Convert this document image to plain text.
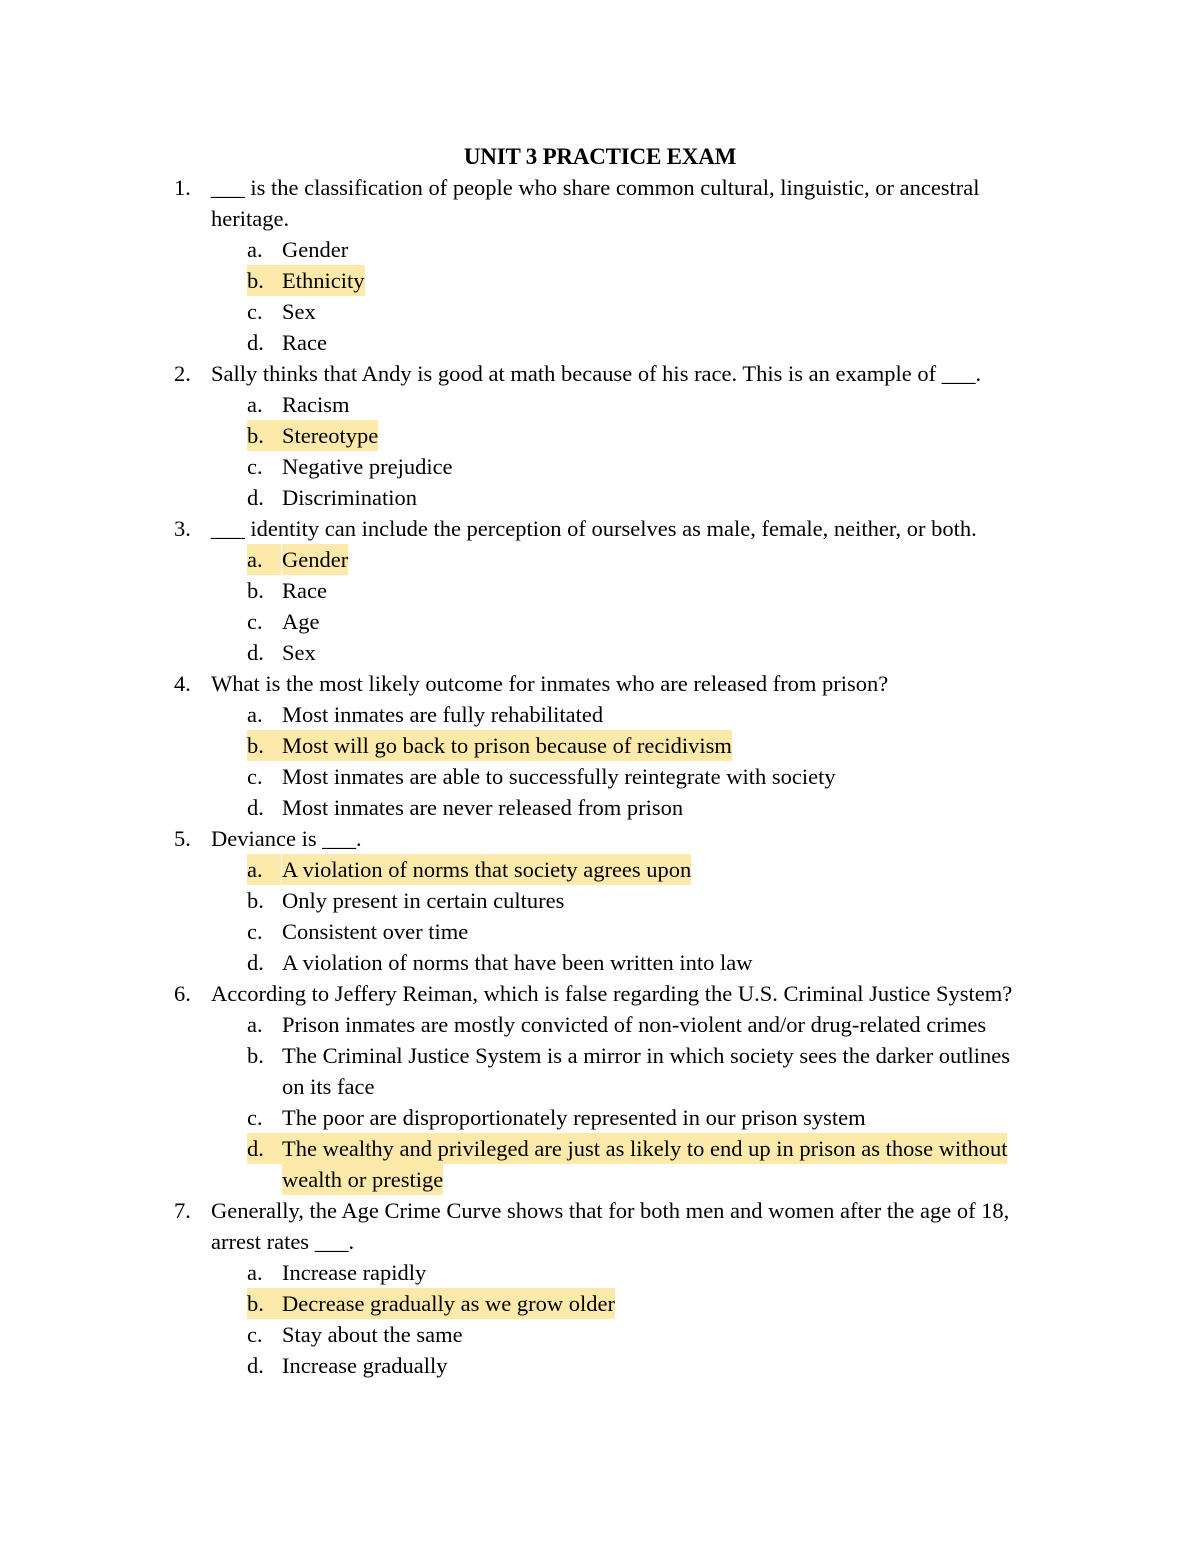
UNIT 3 PRACTICE EXAM
1. ___ is the classification of people who share common cultural, linguistic, or ancestral
heritage.
a. Gender
b. Ethnicity
c. Sex
d. Race
2. Sally thinks that Andy is good at math because of his race. This is an example of ___.
a. Racism
b. Stereotype
c. Negative prejudice
d. Discrimination
3. ___ identity can include the perception of ourselves as male, female, neither, or both.
a. Gender
b. Race
c. Age
d. Sex
4. What is the most likely outcome for inmates who are released from prison?
a. Most inmates are fully rehabilitated
b. Most will go back to prison because of recidivism
c. Most inmates are able to successfully reintegrate with society
d. Most inmates are never released from prison
5. Deviance is ___.
a. A violation of norms that society agrees upon
b. Only present in certain cultures
c. Consistent over time
d. A violation of norms that have been written into law
6. According to Jeffery Reiman, which is false regarding the U.S. Criminal Justice System?
a. Prison inmates are mostly convicted of non-violent and/or drug-related crimes
b. The Criminal Justice System is a mirror in which society sees the darker outlines
on its face
c. The poor are disproportionately represented in our prison system
d. The wealthy and privileged are just as likely to end up in prison as those without
wealth or prestige
7. Generally, the Age Crime Curve shows that for both men and women after the age of 18,
arrest rates ___.
a. Increase rapidly
b. Decrease gradually as we grow older
c. Stay about the same
d. Increase gradually
